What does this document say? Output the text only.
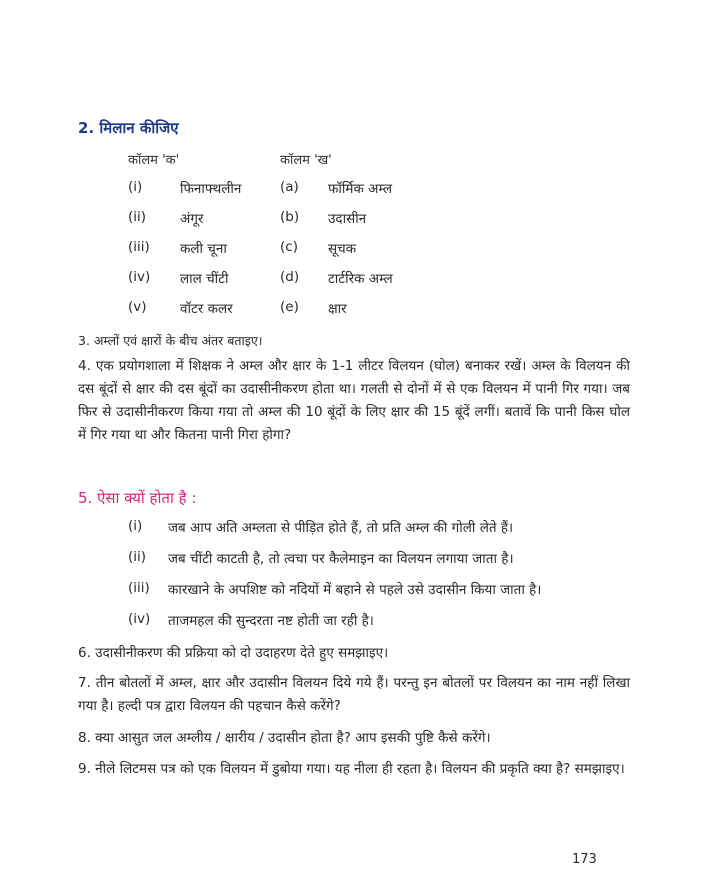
2. मिलान कीजिए
कॉलम 'क'	कॉलम 'ख'
(i)	फिनाफ्थलीन	(a) फॉर्मिक अम्ल
(ii)	अंगूर	(b) उदासीन
(iii) कली चूना	(c) सूचक
(iv) लाल चींटी	(d) टार्टरिक अम्ल
(v) वॉटर कलर	(e) क्षार
3. अम्लों एवं क्षारों के बीच अंतर बताइए।
4. एक प्रयोगशाला में शिक्षक ने अम्ल और क्षार के 1-1 लीटर विलयन (घोल) बनाकर रखें। अम्ल के विलयन की दस बूंदों से क्षार की दस बूंदों का उदासीनीकरण होता था। गलती से दोनों में से एक विलयन में पानी गिर गया। जब फिर से उदासीनीकरण किया गया तो अम्ल की 10 बूंदों के लिए क्षार की 15 बूंदें लगीं। बतावें कि पानी किस घोल में गिर गया था और कितना पानी गिरा होगा?
5. ऐसा क्यों होता है :
(i) जब आप अति अम्लता से पीड़ित होते हैं, तो प्रति अम्ल की गोली लेते हैं।
(ii) जब चींटी काटती है, तो त्वचा पर कैलेमाइन का विलयन लगाया जाता है।
(iii) कारखाने के अपशिष्ट को नदियों में बहाने से पहले उसे उदासीन किया जाता है।
(iv) ताजमहल की सुन्दरता नष्ट होती जा रही है।
6. उदासीनीकरण की प्रक्रिया को दो उदाहरण देते हुए समझाइए।
7. तीन बोतलों में अम्ल, क्षार और उदासीन विलयन दिये गये हैं। परन्तु इन बोतलों पर विलयन का नाम नहीं लिखा गया है। हल्दी पत्र द्वारा विलयन की पहचान कैसे करेंगे?
8. क्या आसुत जल अम्लीय / क्षारीय / उदासीन होता है? आप इसकी पुष्टि कैसे करेंगे।
9. नीले लिटमस पत्र को एक विलयन में डुबोया गया। यह नीला ही रहता है। विलयन की प्रकृति क्या है? समझाइए।
173
